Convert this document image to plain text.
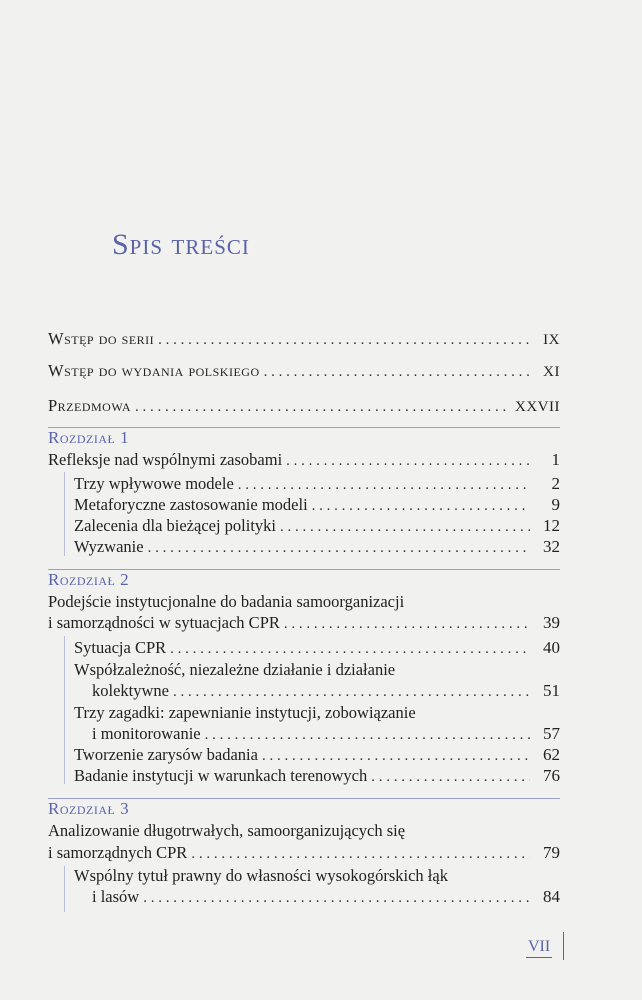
Spis treści
Wstęp do serii . . .	IX
Wstęp do wydania polskiego . . .	XI
Przedmowa . . .	XXVII
Rozdział 1
Refleksje nad wspólnymi zasobami . . .	1
Trzy wpływowe modele . . .	2
Metaforyczne zastosowanie modeli . . .	9
Zalecenia dla bieżącej polityki . . .	12
Wyzwanie . . .	32
Rozdział 2
Podejście instytucjonalne do badania samoorganizacji
i samorządności w sytuacjach CPR . . .	39
Sytuacja CPR . . .	40
Współzależność, niezależne działanie i działanie
kolektywne . . .	51
Trzy zagadki: zapewnianie instytucji, zobowiązanie
i monitorowanie . . .	57
Tworzenie zarysów badania . . .	62
Badanie instytucji w warunkach terenowych . . .	76
Rozdział 3
Analizowanie długotrwałych, samoorganizujących się
i samorządnych CPR . . .	79
Wspólny tytuł prawny do własności wysokogórskich łąk
i lasów . . .	84
VII
